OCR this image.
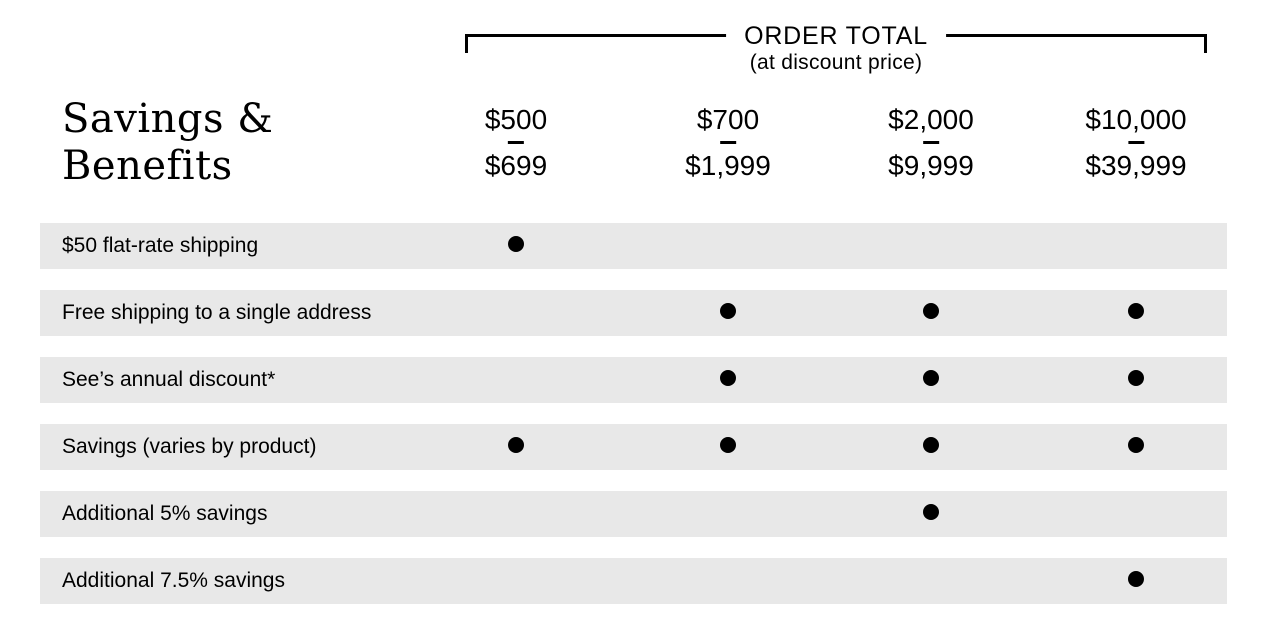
ORDER TOTAL
(at discount price)
Savings &
Benefits
$500
$699
$700
$1,999
$2,000
$9,999
$10,000
$39,999
$50 flat-rate shipping
Free shipping to a single address
See’s annual discount*
Savings (varies by product)
Additional 5% savings
Additional 7.5% savings
